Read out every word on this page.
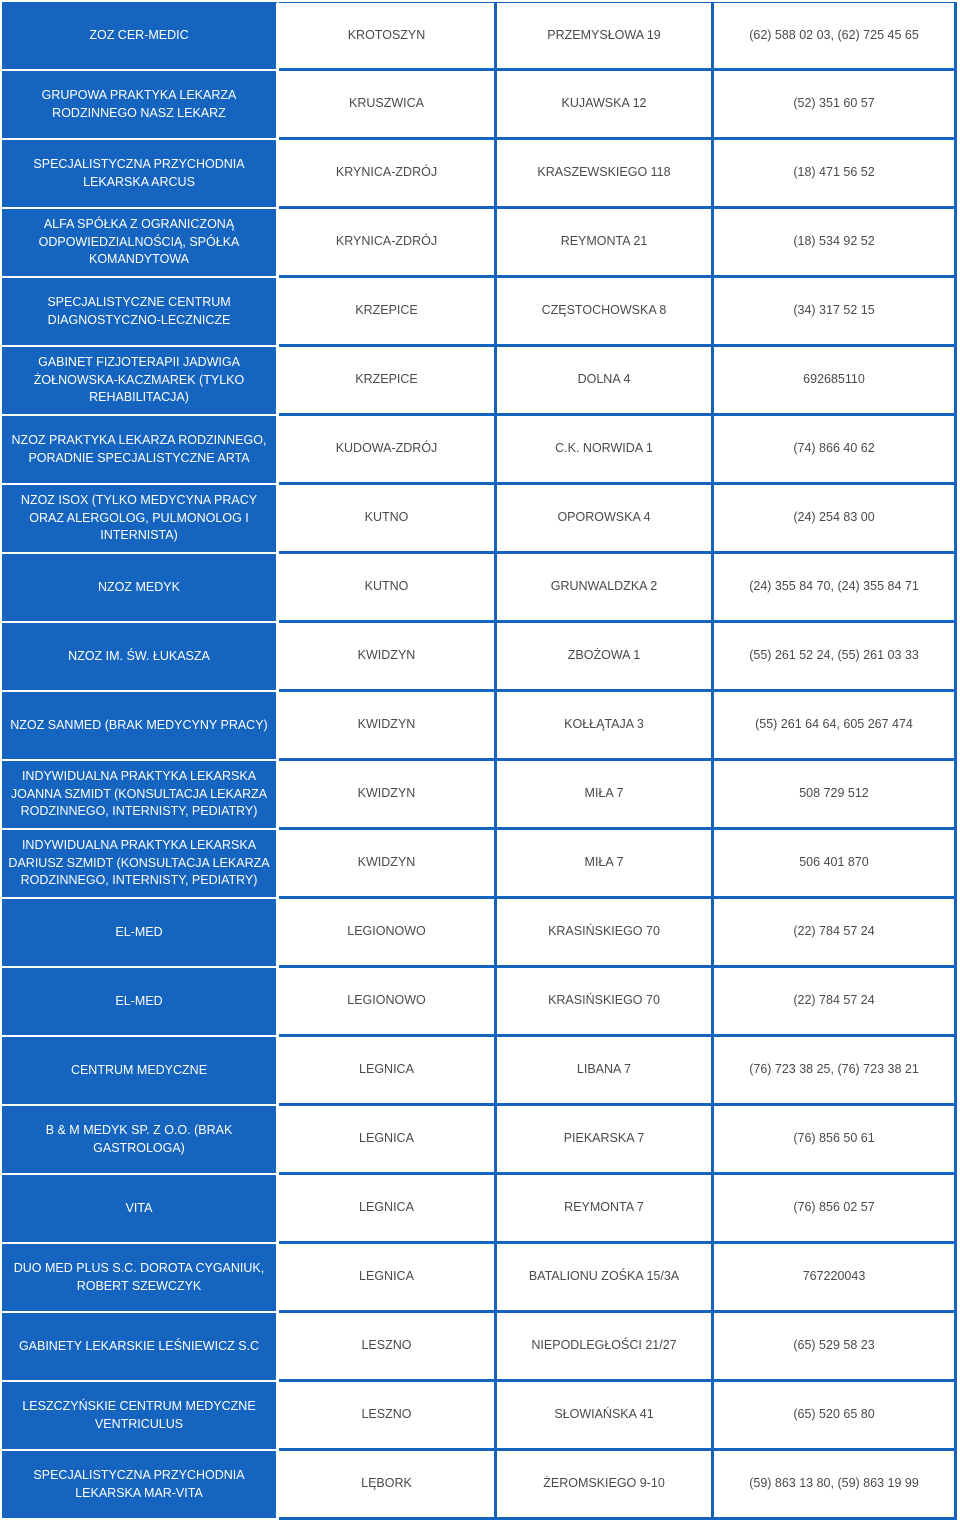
ZOZ CER-MEDIC	KROTOSZYN	PRZEMYSŁOWA 19	(62) 588 02 03, (62) 725 45 65
GRUPOWA PRAKTYKA LEKARZA RODZINNEGO NASZ LEKARZ	KRUSZWICA	KUJAWSKA 12	(52) 351 60 57
SPECJALISTYCZNA PRZYCHODNIA LEKARSKA ARCUS	KRYNICA-ZDRÓJ	KRASZEWSKIEGO 118	(18) 471 56 52
ALFA SPÓŁKA Z OGRANICZONĄ ODPOWIEDZIALNOŚCIĄ, SPÓŁKA KOMANDYTOWA	KRYNICA-ZDRÓJ	REYMONTA 21	(18) 534 92 52
SPECJALISTYCZNE CENTRUM DIAGNOSTYCZNO-LECZNICZE	KRZEPICE	CZĘSTOCHOWSKA 8	(34) 317 52 15
GABINET FIZJOTERAPII JADWIGA ŻOŁNOWSKA-KACZMAREK (TYLKO REHABILITACJA)	KRZEPICE	DOLNA 4	692685110
NZOZ PRAKTYKA LEKARZA RODZINNEGO, PORADNIE SPECJALISTYCZNE ARTA	KUDOWA-ZDRÓJ	C.K. NORWIDA 1	(74) 866 40 62
NZOZ ISOX (TYLKO MEDYCYNA PRACY ORAZ ALERGOLOG, PULMONOLOG I INTERNISTA)	KUTNO	OPOROWSKA 4	(24) 254 83 00
NZOZ MEDYK	KUTNO	GRUNWALDZKA 2	(24) 355 84 70, (24) 355 84 71
NZOZ IM. ŚW. ŁUKASZA	KWIDZYN	ZBOŻOWA 1	(55) 261 52 24, (55) 261 03 33
NZOZ SANMED (BRAK MEDYCYNY PRACY)	KWIDZYN	KOŁŁĄTAJA 3	(55) 261 64 64, 605 267 474
INDYWIDUALNA PRAKTYKA LEKARSKA JOANNA SZMIDT (KONSULTACJA LEKARZA RODZINNEGO, INTERNISTY, PEDIATRY)	KWIDZYN	MIŁA 7	508 729 512
INDYWIDUALNA PRAKTYKA LEKARSKA DARIUSZ SZMIDT (KONSULTACJA LEKARZA RODZINNEGO, INTERNISTY, PEDIATRY)	KWIDZYN	MIŁA 7	506 401 870
EL-MED	LEGIONOWO	KRASIŃSKIEGO 70	(22) 784 57 24
EL-MED	LEGIONOWO	KRASIŃSKIEGO 70	(22) 784 57 24
CENTRUM MEDYCZNE	LEGNICA	LIBANA 7	(76) 723 38 25, (76) 723 38 21
B & M MEDYK SP. Z O.O. (BRAK GASTROLOGA)	LEGNICA	PIEKARSKA 7	(76) 856 50 61
VITA	LEGNICA	REYMONTA 7	(76) 856 02 57
DUO MED PLUS S.C. DOROTA CYGANIUK, ROBERT SZEWCZYK	LEGNICA	BATALIONU ZOŚKA 15/3A	767220043
GABINETY LEKARSKIE LEŚNIEWICZ S.C	LESZNO	NIEPODLEGŁOŚCI 21/27	(65) 529 58 23
LESZCZYŃSKIE CENTRUM MEDYCZNE VENTRICULUS	LESZNO	SŁOWIAŃSKA 41	(65) 520 65 80
SPECJALISTYCZNA PRZYCHODNIA LEKARSKA MAR-VITA	LĘBORK	ŻEROMSKIEGO 9-10	(59) 863 13 80, (59) 863 19 99
